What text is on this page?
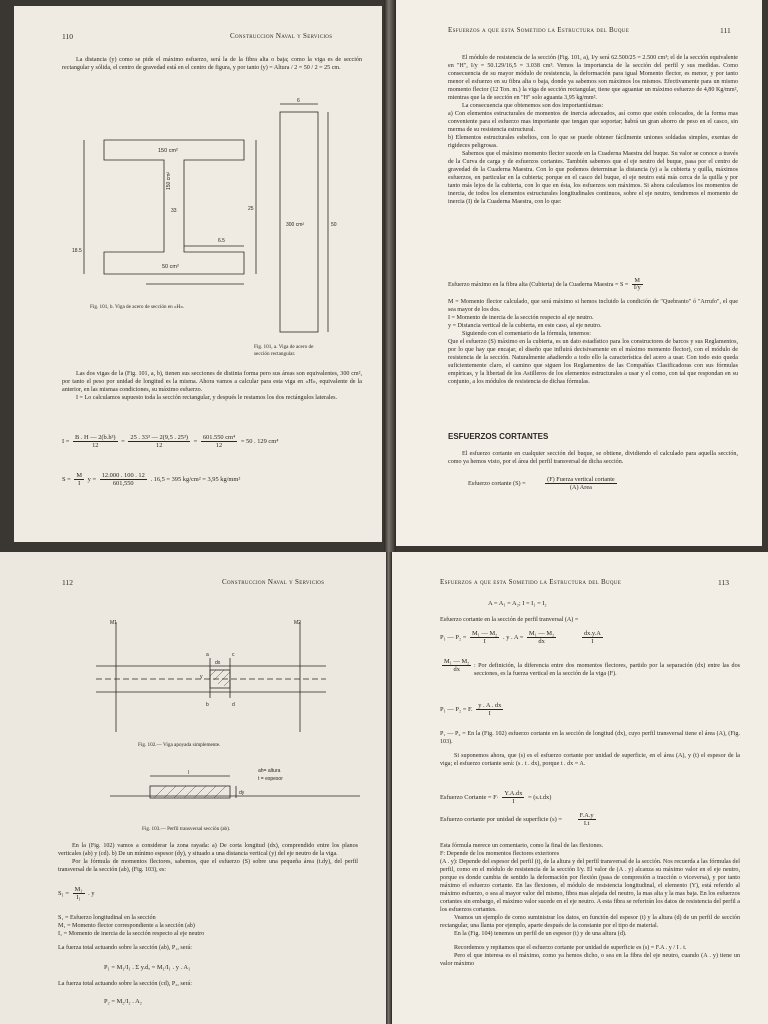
110	Construccion Naval y Servicios

La distancia (y) como se pide el máximo esfuerzo, será la de la fibra alta o baja; como la viga es de sección rectangular y sólida, el centro de gravedad está en el centro de figura, y por tanto (y) = Altura / 2 = 50 / 2 = 25 cm.

150 cm²
150 cm²
33
50 cm²
18.5
6.5
25
6
300 cm²	50
Fig. 101, b. Viga de acero de sección en «H».
Fig. 101, a. Viga de acero de sección rectangular.

Las dos vigas de la (Fig. 101, a, b), tienen sus secciones de distinta forma pero sus áreas son equivalentes, 300 cm², por tanto el peso por unidad de longitud es la misma. Ahora vamos a calcular para esta viga en «H», equivalente de la anterior, en las mismas condiciones, su máximo esfuerzo.

I = Lo calculamos supuesto toda la sección rectangular, y después le restamos los dos rectángulos laterales.

$I = \frac{\text{B . H — 2(b.h³)}}{12} = \frac{\text{25 . 33³ — 2(9,5 . 25³)}}{12} = \frac{\text{601.550 cm⁴}}{12} = 50$ . 129 cm⁴
$S = \frac{M}{I}$ $y = \frac{12.000 . 100 . 12}{601,550}$ . 16,5 = 395 kg/cm² = 3,95 kg/mm²
Esfuerzos a que esta Sometido la Estructura del Buque	111

El módulo de resistencia de la sección (Fig. 101, a), I/y será 62.500/25 = 2.500 cm³; el de la sección equivalente en "H", I/y = 50.129/16,5 = 3.038 cm³. Vemos la importancia de la sección del perfil y sus medidas. Como consecuencia de su mayor módulo de resistencia, la deformación para igual Momento flector, es menor, y por tanto menor el esfuerzo en su fibra alta o baja, donde ya sabemos son máximos los mismos. Efectivamente para un mismo momento flector (12 Ton. m.) la viga de sección rectangular, tiene que aguantar un máximo esfuerzo de 4,80 Kg/mm², mientras que la de sección en "H" solo aguanta 3,95 kg/mm².

La consecuencia que obtenemos son dos importantísimas:

a) Con elementos estructurales de momentos de inercia adecuados, así como que estén colocados, de la forma mas conveniente para el esfuerzo mas importante que tengan que soportar; habrá un gran ahorro de peso en el casco, sin merma de su resistencia estructural.

b) Elementos estructurales esbeltos, con lo que se puede obtener fácilmente uniones soldadas simples, exentas de rigideces peligrosas.

Sabemos que el máximo momento flector sucede en la Cuaderna Maestra del buque. Su valor se conoce a través de la Curva de carga y de esfuerzos cortantes. También sabemos que el eje neutro del buque, pasa por el centro de gravedad de la Cuaderna Maestra. Con lo que podemos determinar la distancia (y) a la cubierta y quilla, máximos esfuerzos, en particular en la cubierta; porque en el casco del buque, el eje neutro está más cerca de la quilla y por tanto más lejos de la cubierta, con lo que en ésta, los esfuerzos son máximos. Si ahora calculamos los momentos de inercia, de todos los elementos estructurales longitudinales continuos, sobre el eje neutro, tendremos el momento de inercia (I) de la Cuaderna Maestra, con lo que:

Esfuerzo máximo en la fibra alta (Cubierta) de la Cuaderna Maestra = $S = \frac{M}{I/y}$

M = Momento flector calculado, que será máximo si hemos incluido la condición de "Quebranto" ó "Arrufo", el que sea mayor de los dos.

I = Momento de inercia de la sección respecto al eje neutro.

y = Distancia vertical de la cubierta, en este caso, al eje neutro.

Siguiendo con el comentario de la fórmula, tenemos:

Que el esfuerzo (S) máximo en la cubierta, es un dato estadístico para los constructores de barcos y sus Reglamentos, por lo que hay que encajar, el diseño que influirá decisivamente en el máximo momento flector), con el módulo de resistencia de la sección. Naturalmente añadiendo a todo ello la característica del acero a usar. Con todo esto queda suficientemente claro, el camino que siguen los Reglamentos de las Compañías Clasificadoras con sus fórmulas empíricas, y la libertad de los Astilleros de los elementos estructurales a usar y el como, con tal que respondan en su conjunto, a los módulos de resistencia de dichas fórmulas.

ESFUERZOS CORTANTES

El esfuerzo cortante en cualquier sección del buque, se obtiene, dividiendo el calculado para aquella sección, como ya hemos visto, por el área del perfil transversal de dicha sección.

Esfuerzo cortante (S) =	$\frac{\text{(F) Fuerza vertical cortante}}{\text{(A) Area}}$
112	Construccion Naval y Servicios
M1	M2
a	c
b	d
dx
y
Fig. 102.— Viga apoyada simplemente.
l
dy
ah= altura
t = espesor
Fig. 103.— Perfil transversal sección (ab).

En la (Fig. 102) vamos a considerar la zona rayada: a) De corta longitud (dx), comprendido entre los planos verticales (ab) y (cd). b) De un mínimo espesor (dy), y situado a una distancia vertical (y) del eje neutro de la viga.

Por la fórmula de momentos flectores, sabemos, que el esfuerzo (S) sobre una pequeña área (t.dy), del perfil transversal de la sección (ab), (Fig. 103), es:

$S_1 = \frac{\text{M₁}}{\text{I₁}}$ . y

S₁ = Esfuerzo longitudinal en la sección

M₁ = Momento flector correspondiente a la sección (ab)

I₁ = Momento de inercia de la sección respecto al eje neutro

La fuerza total actuando sobre la sección (ab), P₁, será:

P₁ = M₁/I₁ . Σ y.dₐ = M₁/I₁ . y . A₁

La fuerza total actuando sobre la sección (cd), P₂, será:

P₂ = M₂/I₂ . A₂
Esfuerzos a que esta Sometido la Estructura del Buque	113
A = A₁ = A₂; I = I₁ = I₂

Esfuerzo cortante en la sección de perfil tranversal (A) =

P₁ — $P_2 = \frac{\text{M₁ — M₂}}{I}$ . y . $A = \frac{\text{M₁ — M₂}}{dx}$
	$\frac{dx.y.A}{I}$
$\frac{\text{M₁ — M₂}}{dx}$ : Por definición, la diferencia entre dos momentos flectores, partido por la separación (dx) entre las dos secciones, es la fuerza vertical en la sección de la viga (F).

P₁ — P₂ = F. $\frac{y . A . dx}{I}$

P₁ — P₂ = En la (Fig. 102) esfuerzo cortante en la sección de longitud (dx), cuyo perfil transversal tiene el área (A), (Fig. 103).

Si suponemos ahora, que (s) es el esfuerzo cortante por unidad de superficie, en el área (A), y (t) el espesor de la viga; el esfuerzo cortante será: (s . t . dx), porque t . dx = A.

Esfuerzo Cortante = $F\cdot \frac{Y.A.dx}{I} = (s.t.dx)$
Esfuerzo cortante por unidad de superficie $(s) = \frac{F.A.y}{I.t}$

Esta fórmula merece un comentario, como la final de las flexiones.

F: Depende de los momentos flectores exteriores

(A . y): Depende del espesor del perfil (t), de la altura y del perfil transversal de la sección. Nos recuerda a las fórmulas del perfil, como en el módulo de resistencia de la sección I/y. El valor de (A . y) alcanza su máximo valor en el eje neutro, porque es donde cambia de sentido la deformación por flexión (pasa de compresión a tracción o viceversa), y por tanto máximo el esfuerzo cortante. En las flexiones, el módulo de resistencia longitudinal, el elemento (Y), está referido al máximo esfuerzo, o sea al mayor valor del mismo, fibra mas alejada del neutro, la mas alta y la mas baja. En los esfuerzos cortantes sin embargo, el máximo valor sucede en el eje neutro. A esta fibra se referirán los datos de resistencia del perfil a los esfuerzos cortantes.

Veamos un ejemplo de como suministrar los datos, en función del espesor (t) y la altura (d) de un perfil de sección rectangular, una llanta por ejemplo, aparte después de la constante por el tipo de material.

En la (Fig. 104) tenemos un perfil de un espesor (t) y de una altura (d).

Recordemos y repitamos que el esfuerzo cortante por unidad de superficie es (s) = F.A . y / I . t.

Pero el que interesa es el máximo, como ya hemos dicho, o sea en la fibra del eje neutro, cuando (A . y) tiene un valor máximo
